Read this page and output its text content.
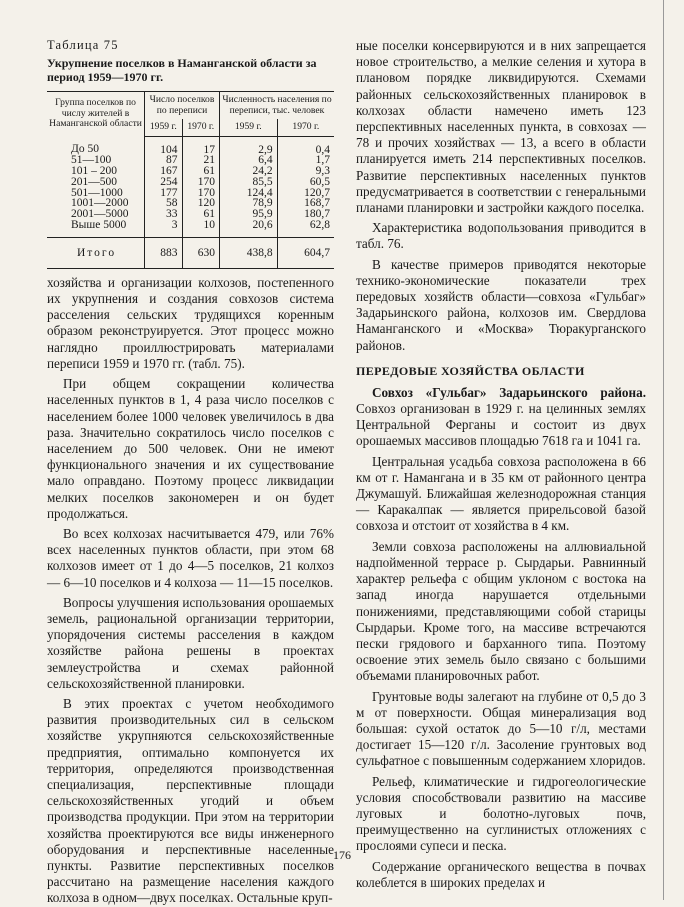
Таблица 75
Укрупнение поселков в Наманганской области за период 1959—1970 гг.
Группа поселков по числу жителей в Наманганской области	Число поселков по переписи		Численность населения по переписи, тыс. человек	
	1959 г.	1970 г.	1959 г.	1970 г.
До 50	104	17	2,9	0,4
51—100	87	21	6,4	1,7
101 – 200	167	61	24,2	9,3
201—500	254	170	85,5	60,5
501—1000	177	170	124,4	120,7
1001—2000	58	120	78,9	168,7
2001—5000	33	61	95,9	180,7
Выше 5000	3	10	20,6	62,8
Итого	883	630	438,8	604,7

хозяйства и организации колхозов, постепенного их укрупнения и создания совхозов система расселения сельских трудящихся коренным образом реконструируется. Этот процесс можно наглядно проиллюстрировать материалами переписи 1959 и 1970 гг. (табл. 75).

При общем сокращении количества населенных пунктов в 1, 4 раза число поселков с населением более 1000 человек увеличилось в два раза. Значительно сократилось число поселков с населением до 500 человек. Они не имеют функционального значения и их существование мало оправдано. Поэтому процесс ликвидации мелких поселков закономерен и он будет продолжаться.

Во всех колхозах насчитывается 479, или 76% всех населенных пунктов области, при этом 68 колхозов имеет от 1 до 4—5 поселков, 21 колхоз — 6—10 поселков и 4 колхоза — 11—15 поселков.

Вопросы улучшения использования орошаемых земель, рациональной организации территории, упорядочения системы расселения в каждом хозяйстве района решены в проектах землеустройства и схемах районной сельскохозяйственной планировки.

В этих проектах с учетом необходимого развития производительных сил в сельском хозяйстве укрупняются сельскохозяйственные предприятия, оптимально компонуется их территория, определяются производственная специализация, перспективные площади сельскохозяйственных угодий и объем производства продукции. При этом на территории хозяйства проектируются все виды инженерного оборудования и перспективные населенные пункты. Развитие перспективных поселков рассчитано на размещение населения каждого колхоза в одном—двух поселках. Остальные круп-

ные поселки консервируются и в них запрещается новое строительство, а мелкие селения и хутора в плановом порядке ликвидируются. Схемами районных сельскохозяйственных планировок в колхозах области намечено иметь 123 перспективных населенных пункта, в совхозах — 78 и прочих хозяйствах — 13, а всего в области планируется иметь 214 перспективных поселков. Развитие перспективных населенных пунктов предусматривается в соответствии с генеральными планами планировки и застройки каждого поселка.

Характеристика водопользования приводится в табл. 76.

В качестве примеров приводятся некоторые технико-экономические показатели трех передовых хозяйств области—совхоза «Гульбаг» Задарьинского района, колхозов им. Свердлова Наманганского и «Москва» Тюракурганского районов.

ПЕРЕДОВЫЕ ХОЗЯЙСТВА ОБЛАСТИ

Совхоз «Гульбаг» Задарьинского района. Совхоз организован в 1929 г. на целинных землях Центральной Ферганы и состоит из двух орошаемых массивов площадью 7618 га и 1041 га.

Центральная усадьба совхоза расположена в 66 км от г. Намангана и в 35 км от районного центра Джумашуй. Ближайшая железнодорожная станция — Каракалпак — является прирельсовой базой совхоза и отстоит от хозяйства в 4 км.

Земли совхоза расположены на аллювиальной надпойменной террасе р. Сырдарьи. Равнинный характер рельефа с общим уклоном с востока на запад иногда нарушается отдельными понижениями, представляющими собой старицы Сырдарьи. Кроме того, на массиве встречаются пески грядового и барханного типа. Поэтому освоение этих земель было связано с большими объемами планировочных работ.

Грунтовые воды залегают на глубине от 0,5 до 3 м от поверхности. Общая минерализация вод большая: сухой остаток до 5—10 г/л, местами достигает 15—120 г/л. Засоление грунтовых вод сульфатное с повышенным содержанием хлоридов.

Рельеф, климатические и гидрогеологические условия способствовали развитию на массиве луговых и болотно-луговых почв, преимущественно на суглинистых отложениях с прослоями супеси и песка.

Содержание органического вещества в почвах колеблется в широких пределах и

176
